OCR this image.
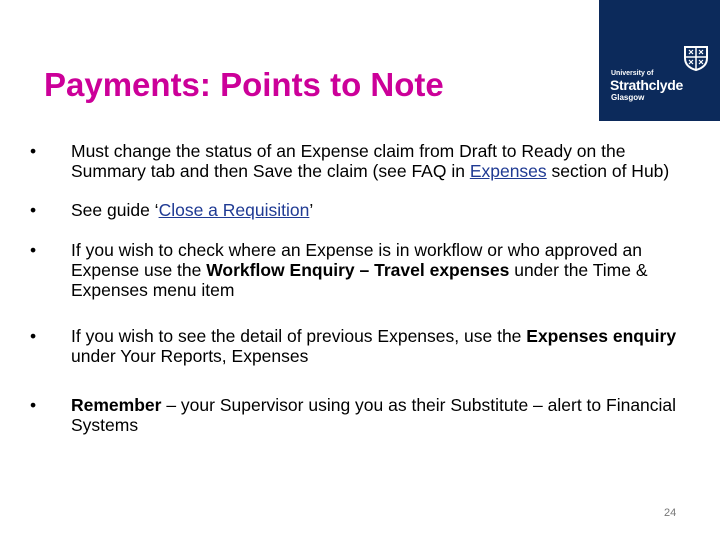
Payments: Points to Note	University of
Strathclyde
Glasgow
• Must change the status of an Expense claim from Draft to Ready on the Summary tab and then Save the claim (see FAQ in Expenses section of Hub)
• See guide ‘Close a Requisition’
• If you wish to check where an Expense is in workflow or who approved an Expense use the Workflow Enquiry – Travel expenses under the Time & Expenses menu item
• If you wish to see the detail of previous Expenses, use the Expenses enquiry under Your Reports, Expenses
• Remember – your Supervisor using you as their Substitute – alert to Financial Systems
24
